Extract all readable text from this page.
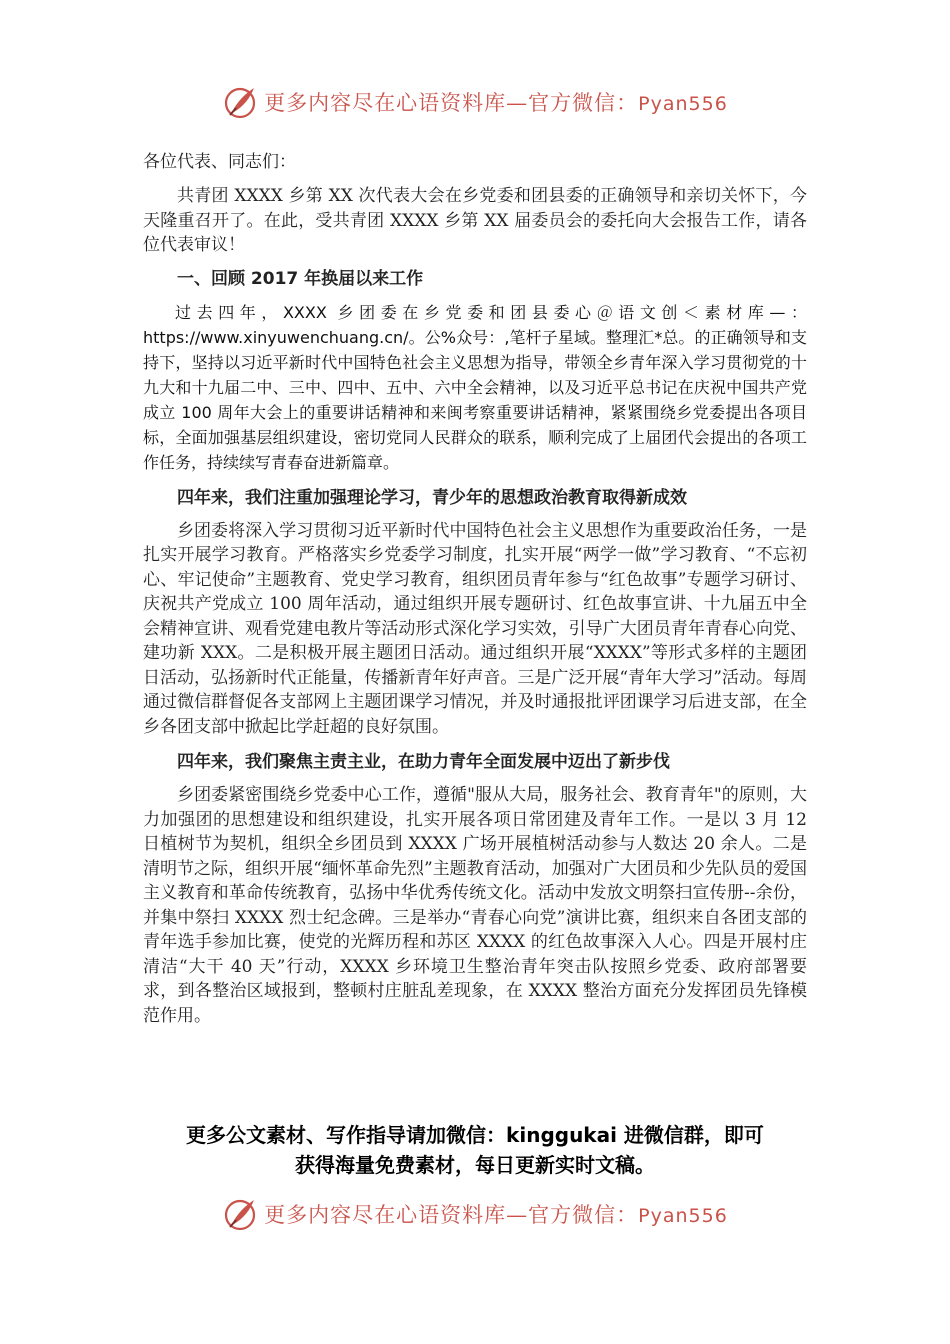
更多内容尽在心语资料库—官方微信：Pyan556

各位代表、同志们：

共青团 XXXX 乡第 XX 次代表大会在乡党委和团县委的正确领导和亲切关怀下，今天隆重召开了。在此，受共青团 XXXX 乡第 XX 届委员会的委托向大会报告工作，请各位代表审议！

一、回顾 2017 年换届以来工作

过去四年，XXXX 乡团委在乡党委和团县委心＠语文创＜素材库—：https://www.xinyuwenchuang.cn/。公%众号：,笔杆子星域。整理汇*总。的正确领导和支持下，坚持以习近平新时代中国特色社会主义思想为指导，带领全乡青年深入学习贯彻党的十九大和十九届二中、三中、四中、五中、六中全会精神，以及习近平总书记在庆祝中国共产党成立 100 周年大会上的重要讲话精神和来闽考察重要讲话精神，紧紧围绕乡党委提出各项目标，全面加强基层组织建设，密切党同人民群众的联系，顺利完成了上届团代会提出的各项工作任务，持续续写青春奋进新篇章。

四年来，我们注重加强理论学习，青少年的思想政治教育取得新成效

乡团委将深入学习贯彻习近平新时代中国特色社会主义思想作为重要政治任务，一是扎实开展学习教育。严格落实乡党委学习制度，扎实开展“两学一做”学习教育、“不忘初心、牢记使命”主题教育、党史学习教育，组织团员青年参与“红色故事”专题学习研讨、庆祝共产党成立 100 周年活动，通过组织开展专题研讨、红色故事宣讲、十九届五中全会精神宣讲、观看党建电教片等活动形式深化学习实效，引导广大团员青年青春心向党、建功新 XXX。二是积极开展主题团日活动。通过组织开展“XXXX”等形式多样的主题团日活动，弘扬新时代正能量，传播新青年好声音。三是广泛开展“青年大学习”活动。每周通过微信群督促各支部网上主题团课学习情况，并及时通报批评团课学习后进支部，在全乡各团支部中掀起比学赶超的良好氛围。

四年来，我们聚焦主责主业，在助力青年全面发展中迈出了新步伐

乡团委紧密围绕乡党委中心工作，遵循"服从大局，服务社会、教育青年"的原则，大力加强团的思想建设和组织建设，扎实开展各项日常团建及青年工作。一是以 3 月 12 日植树节为契机，组织全乡团员到 XXXX 广场开展植树活动参与人数达 20 余人。二是清明节之际，组织开展“缅怀革命先烈”主题教育活动，加强对广大团员和少先队员的爱国主义教育和革命传统教育，弘扬中华优秀传统文化。活动中发放文明祭扫宣传册--余份，并集中祭扫 XXXX 烈士纪念碑。三是举办“青春心向党”演讲比赛，组织来自各团支部的青年选手参加比赛，使党的光辉历程和苏区 XXXX 的红色故事深入人心。四是开展村庄清洁“大干 40 天”行动，XXXX 乡环境卫生整治青年突击队按照乡党委、政府部署要求，到各整治区域报到，整顿村庄脏乱差现象，在 XXXX 整治方面充分发挥团员先锋模范作用。

更多公文素材、写作指导请加微信：kinggukai 进微信群，即可
获得海量免费素材，每日更新实时文稿。
更多内容尽在心语资料库—官方微信：Pyan556
